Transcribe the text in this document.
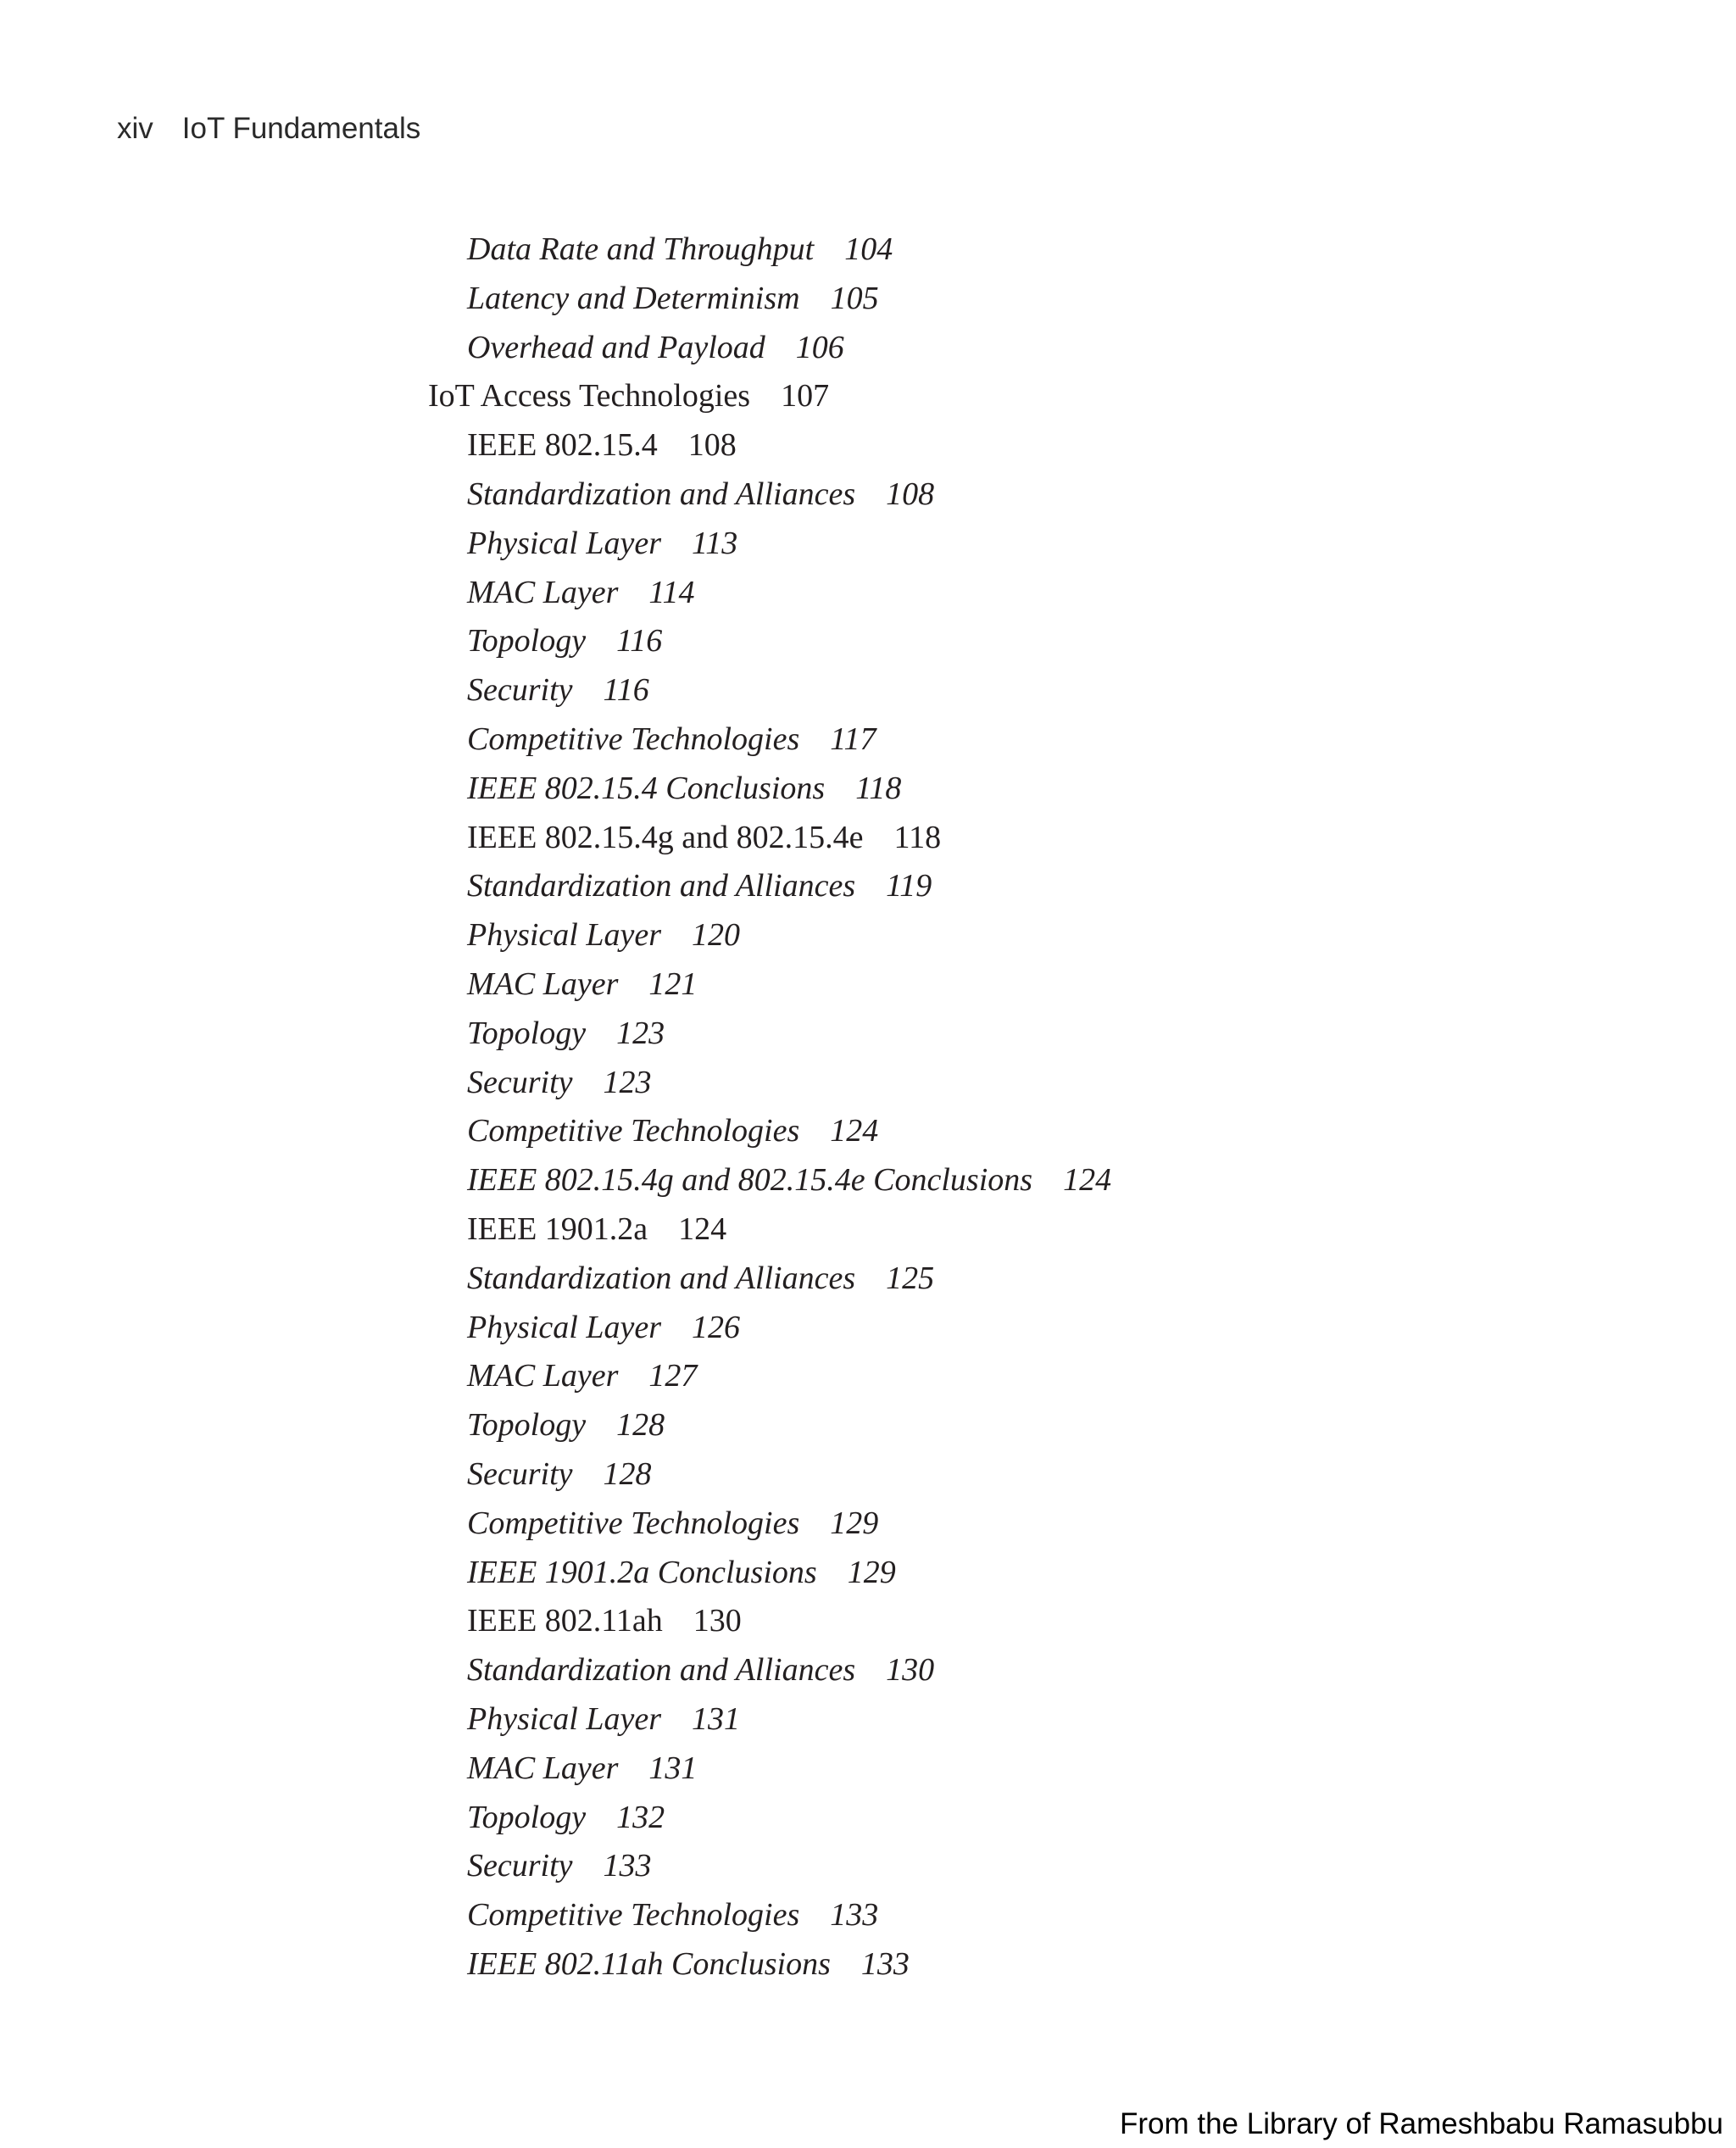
xiv IoT Fundamentals
Data Rate and Throughput 104
Latency and Determinism 105
Overhead and Payload 106
IoT Access Technologies 107
IEEE 802.15.4 108
Standardization and Alliances 108
Physical Layer 113
MAC Layer 114
Topology 116
Security 116
Competitive Technologies 117
IEEE 802.15.4 Conclusions 118
IEEE 802.15.4g and 802.15.4e 118
Standardization and Alliances 119
Physical Layer 120
MAC Layer 121
Topology 123
Security 123
Competitive Technologies 124
IEEE 802.15.4g and 802.15.4e Conclusions 124
IEEE 1901.2a 124
Standardization and Alliances 125
Physical Layer 126
MAC Layer 127
Topology 128
Security 128
Competitive Technologies 129
IEEE 1901.2a Conclusions 129
IEEE 802.11ah 130
Standardization and Alliances 130
Physical Layer 131
MAC Layer 131
Topology 132
Security 133
Competitive Technologies 133
IEEE 802.11ah Conclusions 133
From the Library of Rameshbabu Ramasubbu
